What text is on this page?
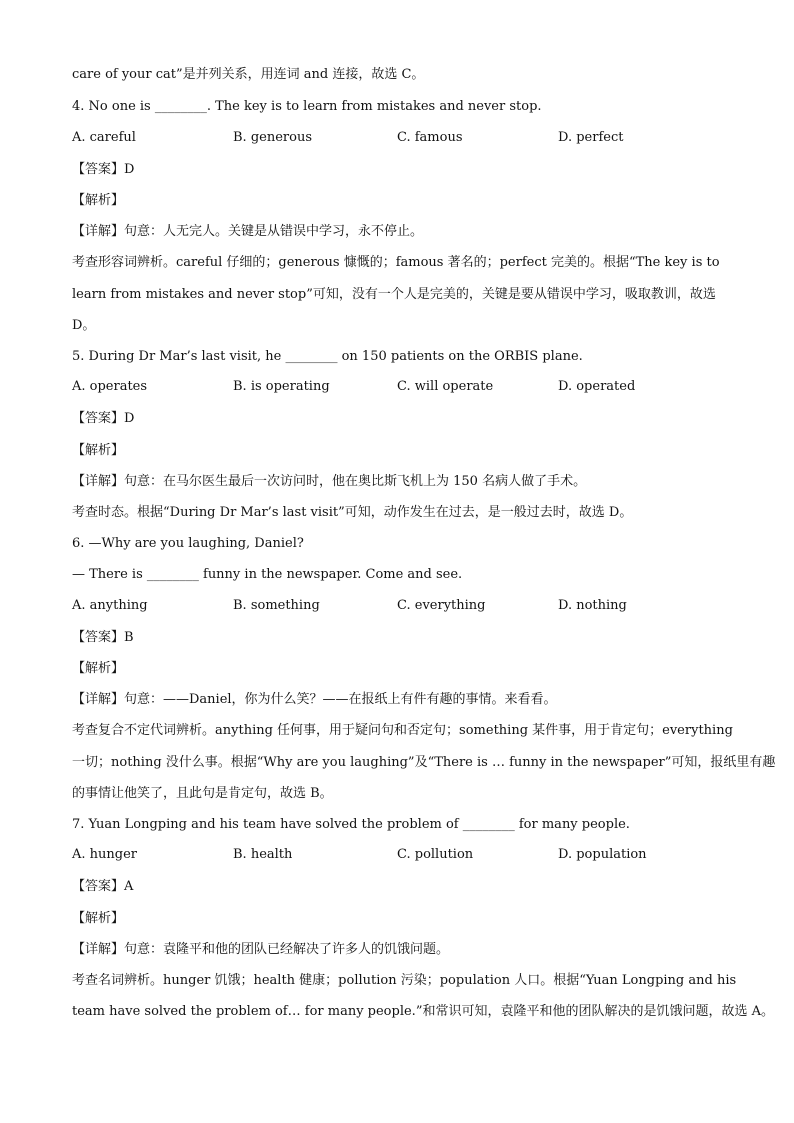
care of your cat”是并列关系，用连词 and 连接，故选 C。
4. No one is ________. The key is to learn from mistakes and never stop.
A. careful	B. generous	C. famous	D. perfect
【答案】D
【解析】
【详解】句意：人无完人。关键是从错误中学习，永不停止。
考查形容词辨析。careful 仔细的；generous 慷慨的；famous 著名的；perfect 完美的。根据“The key is to
learn from mistakes and never stop”可知，没有一个人是完美的，关键是要从错误中学习，吸取教训，故选
D。
5. During Dr Mar’s last visit, he ________ on 150 patients on the ORBIS plane.
A. operates	B. is operating	C. will operate	D. operated
【答案】D
【解析】
【详解】句意：在马尔医生最后一次访问时，他在奥比斯飞机上为 150 名病人做了手术。
考查时态。根据“During Dr Mar’s last visit”可知，动作发生在过去，是一般过去时，故选 D。
6. —Why are you laughing, Daniel?
— There is ________ funny in the newspaper. Come and see.
A. anything	B. something	C. everything	D. nothing
【答案】B
【解析】
【详解】句意：——Daniel，你为什么笑？——在报纸上有件有趣的事情。来看看。
考查复合不定代词辨析。anything 任何事，用于疑问句和否定句；something 某件事，用于肯定句；everything
一切；nothing 没什么事。根据“Why are you laughing”及“There is … funny in the newspaper”可知，报纸里有趣
的事情让他笑了，且此句是肯定句，故选 B。
7. Yuan Longping and his team have solved the problem of ________ for many people.
A. hunger	B. health	C. pollution	D. population
【答案】A
【解析】
【详解】句意：袁隆平和他的团队已经解决了许多人的饥饿问题。
考查名词辨析。hunger 饥饿；health 健康；pollution 污染；population 人口。根据“Yuan Longping and his
team have solved the problem of… for many people.”和常识可知，袁隆平和他的团队解决的是饥饿问题，故选 A。
